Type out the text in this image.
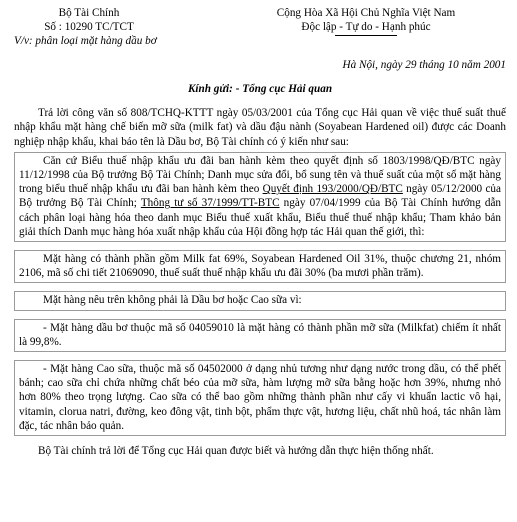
Bộ Tài Chính
Số : 10290 TC/TCT
V/v: phân loại mặt hàng dầu bơ
Cộng Hòa Xã Hội Chủ Nghĩa Việt Nam
Độc lập - Tự do - Hạnh phúc
Hà Nội, ngày 29 tháng 10 năm 2001
Kính gửi: - Tổng cục Hải quan

Trả lời công văn số 808/TCHQ-KTTT ngày 05/03/2001 của Tổng cục Hải quan về việc thuế suất thuế nhập khẩu mặt hàng chế biến mỡ sữa (milk fat) và dầu đậu nành (Soyabean Hardened oil) được các Doanh nghiệp nhập khẩu, khai báo tên là Dầu bơ, Bộ Tài chính có ý kiến như sau:

Căn cứ Biểu thuế nhập khẩu ưu đãi ban hành kèm theo quyết định số 1803/1998/QĐ/BTC ngày 11/12/1998 của Bộ trưởng Bộ Tài Chính; Danh mục sửa đổi, bổ sung tên và thuế suất của một số mặt hàng trong biểu thuế nhập khẩu ưu đãi ban hành kèm theo Quyết định 193/2000/QĐ/BTC ngày 05/12/2000 của Bộ trưởng Bộ Tài Chính; Thông tư số 37/1999/TT-BTC ngày 07/04/1999 của Bộ Tài Chính hướng dẫn cách phân loại hàng hóa theo danh mục Biểu thuế xuất khẩu, Biểu thuế thuế nhập khẩu; Tham khảo bản giải thích Danh mục hàng hóa xuất nhập khẩu của Hội đồng hợp tác Hải quan thế giới, thì:

Mặt hàng có thành phần gồm Milk fat 69%, Soyabean Hardened Oil 31%, thuộc chương 21, nhóm 2106, mã số chi tiết 21069090, thuế suất thuế nhập khẩu ưu đãi 30% (ba mươi phần trăm).

Mặt hàng nêu trên không phải là Dầu bơ hoặc Cao sữa vì:

- Mặt hàng dầu bơ thuộc mã số 04059010 là mặt hàng có thành phần mỡ sữa (Milkfat) chiếm ít nhất là 99,8%.

- Mặt hàng Cao sữa, thuộc mã số 04502000 ở dạng nhủ tương như dạng nước trong dầu, có thể phết bánh; cao sữa chỉ chứa những chất béo của mỡ sữa, hàm lượng mỡ sữa bằng hoặc hơn 39%, nhưng nhỏ hơn 80% theo trọng lượng. Cao sữa có thể bao gồm những thành phần như cấy vi khuẩn lactic vô hại, vitamin, clorua natri, đường, keo đông vật, tinh bột, phẩm thực vật, hương liệu, chất nhũ hoá, tác nhân làm đặc, tác nhân bảo quản.

Bộ Tài chính trả lời để Tổng cục Hải quan được biết và hướng dẫn thực hiện thống nhất.
